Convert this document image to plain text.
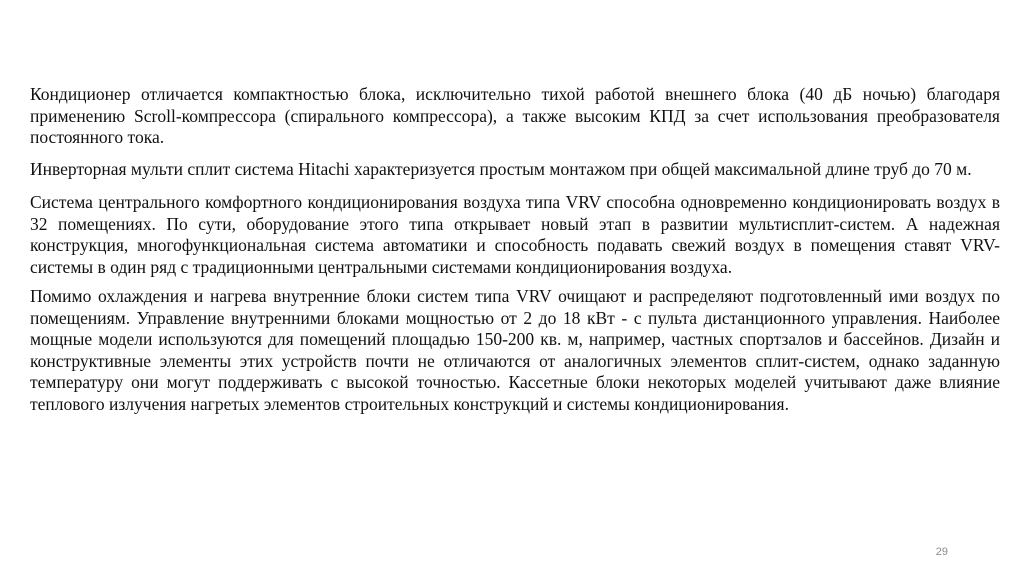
Кондиционер отличается компактностью блока, исключительно тихой работой внешнего блока (40 дБ ночью) благодаря применению Scroll-компрессора (спирального компрессора), а также высоким КПД за счет использования преобразователя постоянного тока.

Инверторная мульти сплит система Hitachi характеризуется простым монтажом при общей максимальной длине труб до 70 м.

Система центрального комфортного кондиционирования воздуха типа VRV способна одновременно кондиционировать воздух в 32 помещениях. По сути, оборудование этого типа открывает новый этап в развитии мультисплит-систем. А надежная конструкция, многофункциональная система автоматики и способность подавать свежий воздух в помещения ставят VRV-системы в один ряд с традиционными центральными системами кондиционирования воздуха.

Помимо охлаждения и нагрева внутренние блоки систем типа VRV очищают и распределяют подготовленный ими воздух по помещениям. Управление внутренними блоками мощностью от 2 до 18 кВт - с пульта дистанционного управления. Наиболее мощные модели используются для помещений площадью 150-200 кв. м, например, частных спортзалов и бассейнов. Дизайн и конструктивные элементы этих устройств почти не отличаются от аналогичных элементов сплит-систем, однако заданную температуру они могут поддерживать с высокой точностью. Кассетные блоки некоторых моделей учитывают даже влияние теплового излучения нагретых элементов строительных конструкций и системы кондиционирования.

29
